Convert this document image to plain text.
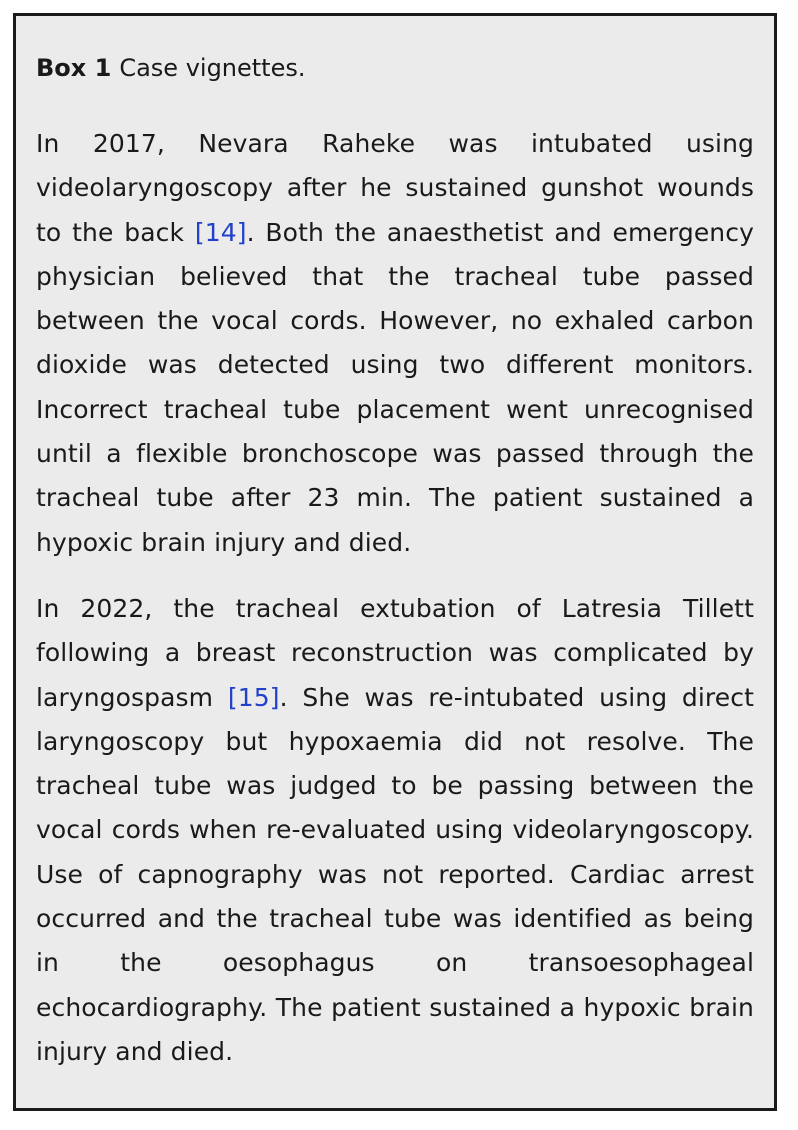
Box 1 Case vignettes.

In 2017, Nevara Raheke was intubated using videolaryngoscopy after he sustained gunshot wounds to the back [14]. Both the anaesthetist and emergency physician believed that the tracheal tube passed between the vocal cords. However, no exhaled carbon dioxide was detected using two different monitors. Incorrect tracheal tube placement went unrecognised until a flexible bronchoscope was passed through the tracheal tube after 23 min. The patient sustained a hypoxic brain injury and died.

In 2022, the tracheal extubation of Latresia Tillett following a breast reconstruction was complicated by laryngospasm [15]. She was re-intubated using direct laryngoscopy but hypoxaemia did not resolve. The tracheal tube was judged to be passing between the vocal cords when re-evaluated using videolaryngoscopy. Use of capnography was not reported. Cardiac arrest occurred and the tracheal tube was identified as being in the oesophagus on transoesophageal echocardiography. The patient sustained a hypoxic brain injury and died.
